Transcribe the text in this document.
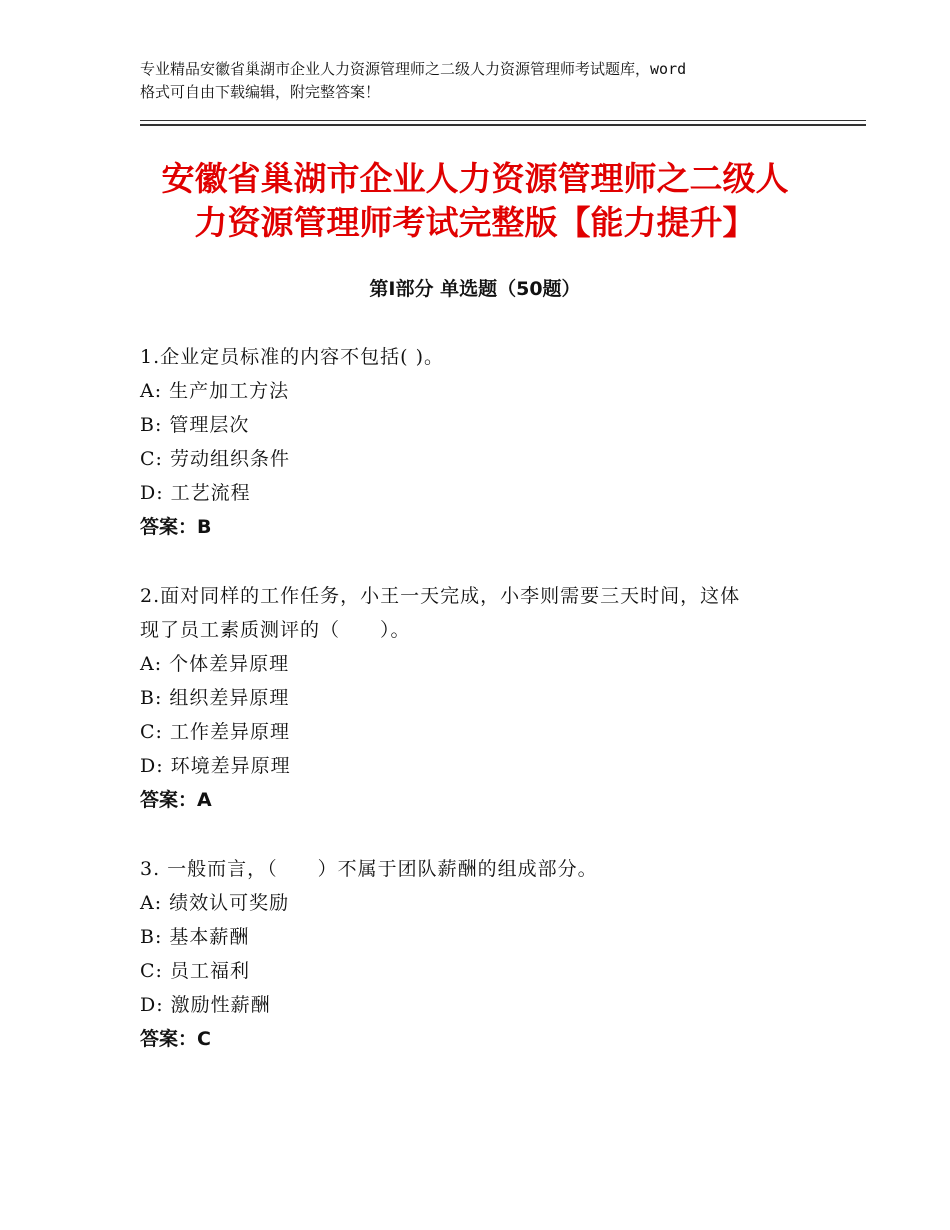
专业精品安徽省巢湖市企业人力资源管理师之二级人力资源管理师考试题库，word
格式可自由下载编辑，附完整答案！
安徽省巢湖市企业人力资源管理师之二级人
力资源管理师考试完整版【能力提升】
第Ⅰ部分 单选题（50题）
1.企业定员标准的内容不包括( )。
A: 生产加工方法
B: 管理层次
C: 劳动组织条件
D: 工艺流程
答案：B
2.面对同样的工作任务，小王一天完成，小李则需要三天时间，这体
现了员工素质测评的（　　）。
A: 个体差异原理
B: 组织差异原理
C: 工作差异原理
D: 环境差异原理
答案：A
3. 一般而言，（　　）不属于团队薪酬的组成部分。
A: 绩效认可奖励
B: 基本薪酬
C: 员工福利
D: 激励性薪酬
答案：C
